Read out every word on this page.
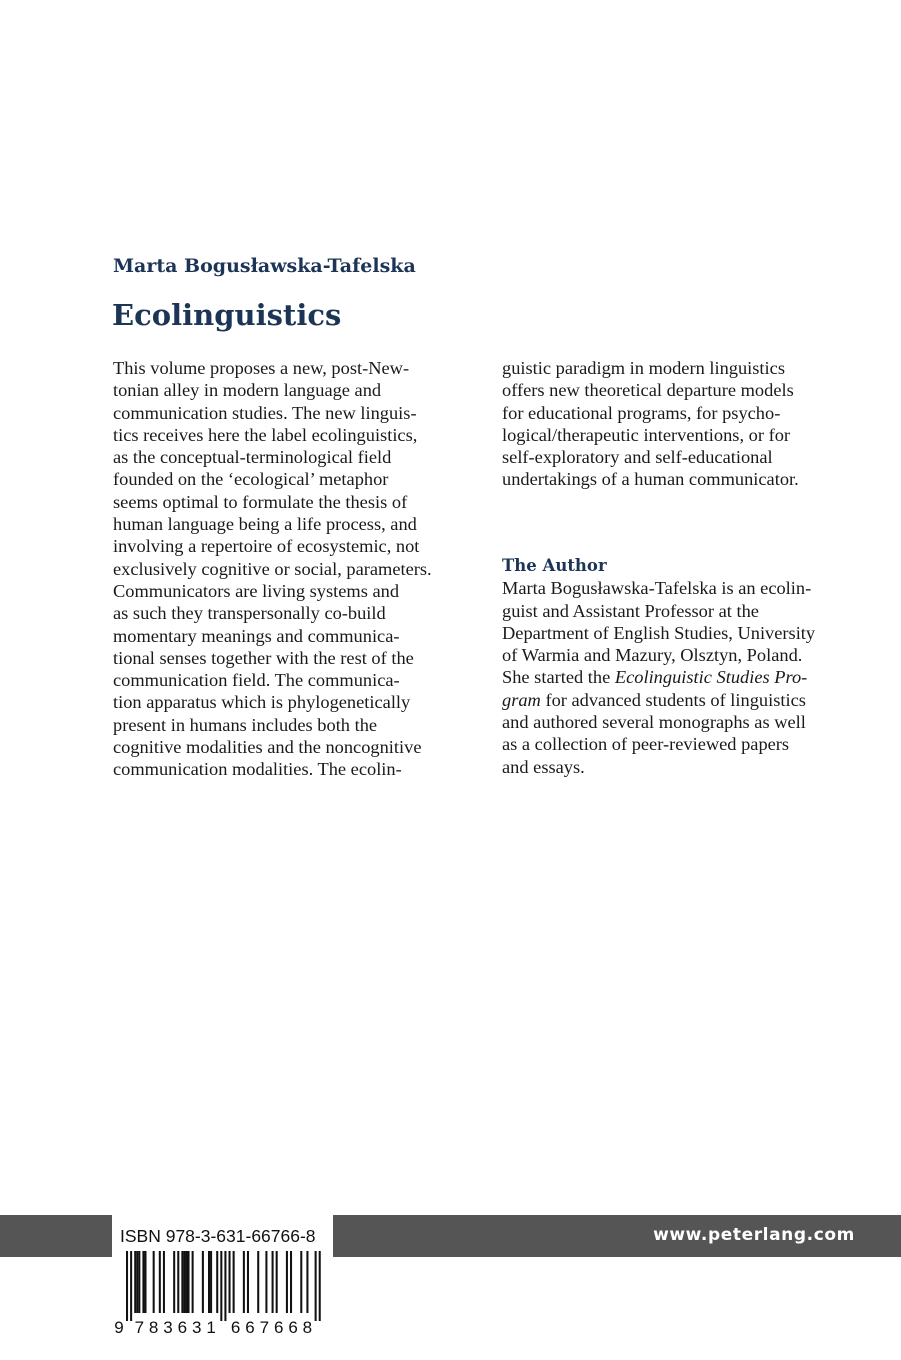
Marta Bogusławska-Tafelska
Ecolinguistics
This volume proposes a new, post-New-
tonian alley in modern language and
communication studies. The new linguis-
tics receives here the label ecolinguistics,
as the conceptual-terminological field
founded on the ‘ecological’ metaphor
seems optimal to formulate the thesis of
human language being a life process, and
involving a repertoire of ecosystemic, not
exclusively cognitive or social, parameters.
Communicators are living systems and
as such they transpersonally co-build
momentary meanings and communica-
tional senses together with the rest of the
communication field. The communica-
tion apparatus which is phylogenetically
present in humans includes both the
cognitive modalities and the noncognitive
communication modalities. The ecolin-
guistic paradigm in modern linguistics
offers new theoretical departure models
for educational programs, for psycho-
logical/therapeutic interventions, or for
self-exploratory and self-educational
undertakings of a human communicator.
The Author
Marta Bogusławska-Tafelska is an ecolin-
guist and Assistant Professor at the
Department of English Studies, University
of Warmia and Mazury, Olsztyn, Poland.
She started the Ecolinguistic Studies Pro-
gram for advanced students of linguistics
and authored several monographs as well
as a collection of peer-reviewed papers
and essays.
www.peterlang.com
ISBN 978-3-631-66766-8
9 7 8 3 6 3 1 6 6 7 6 6 8
